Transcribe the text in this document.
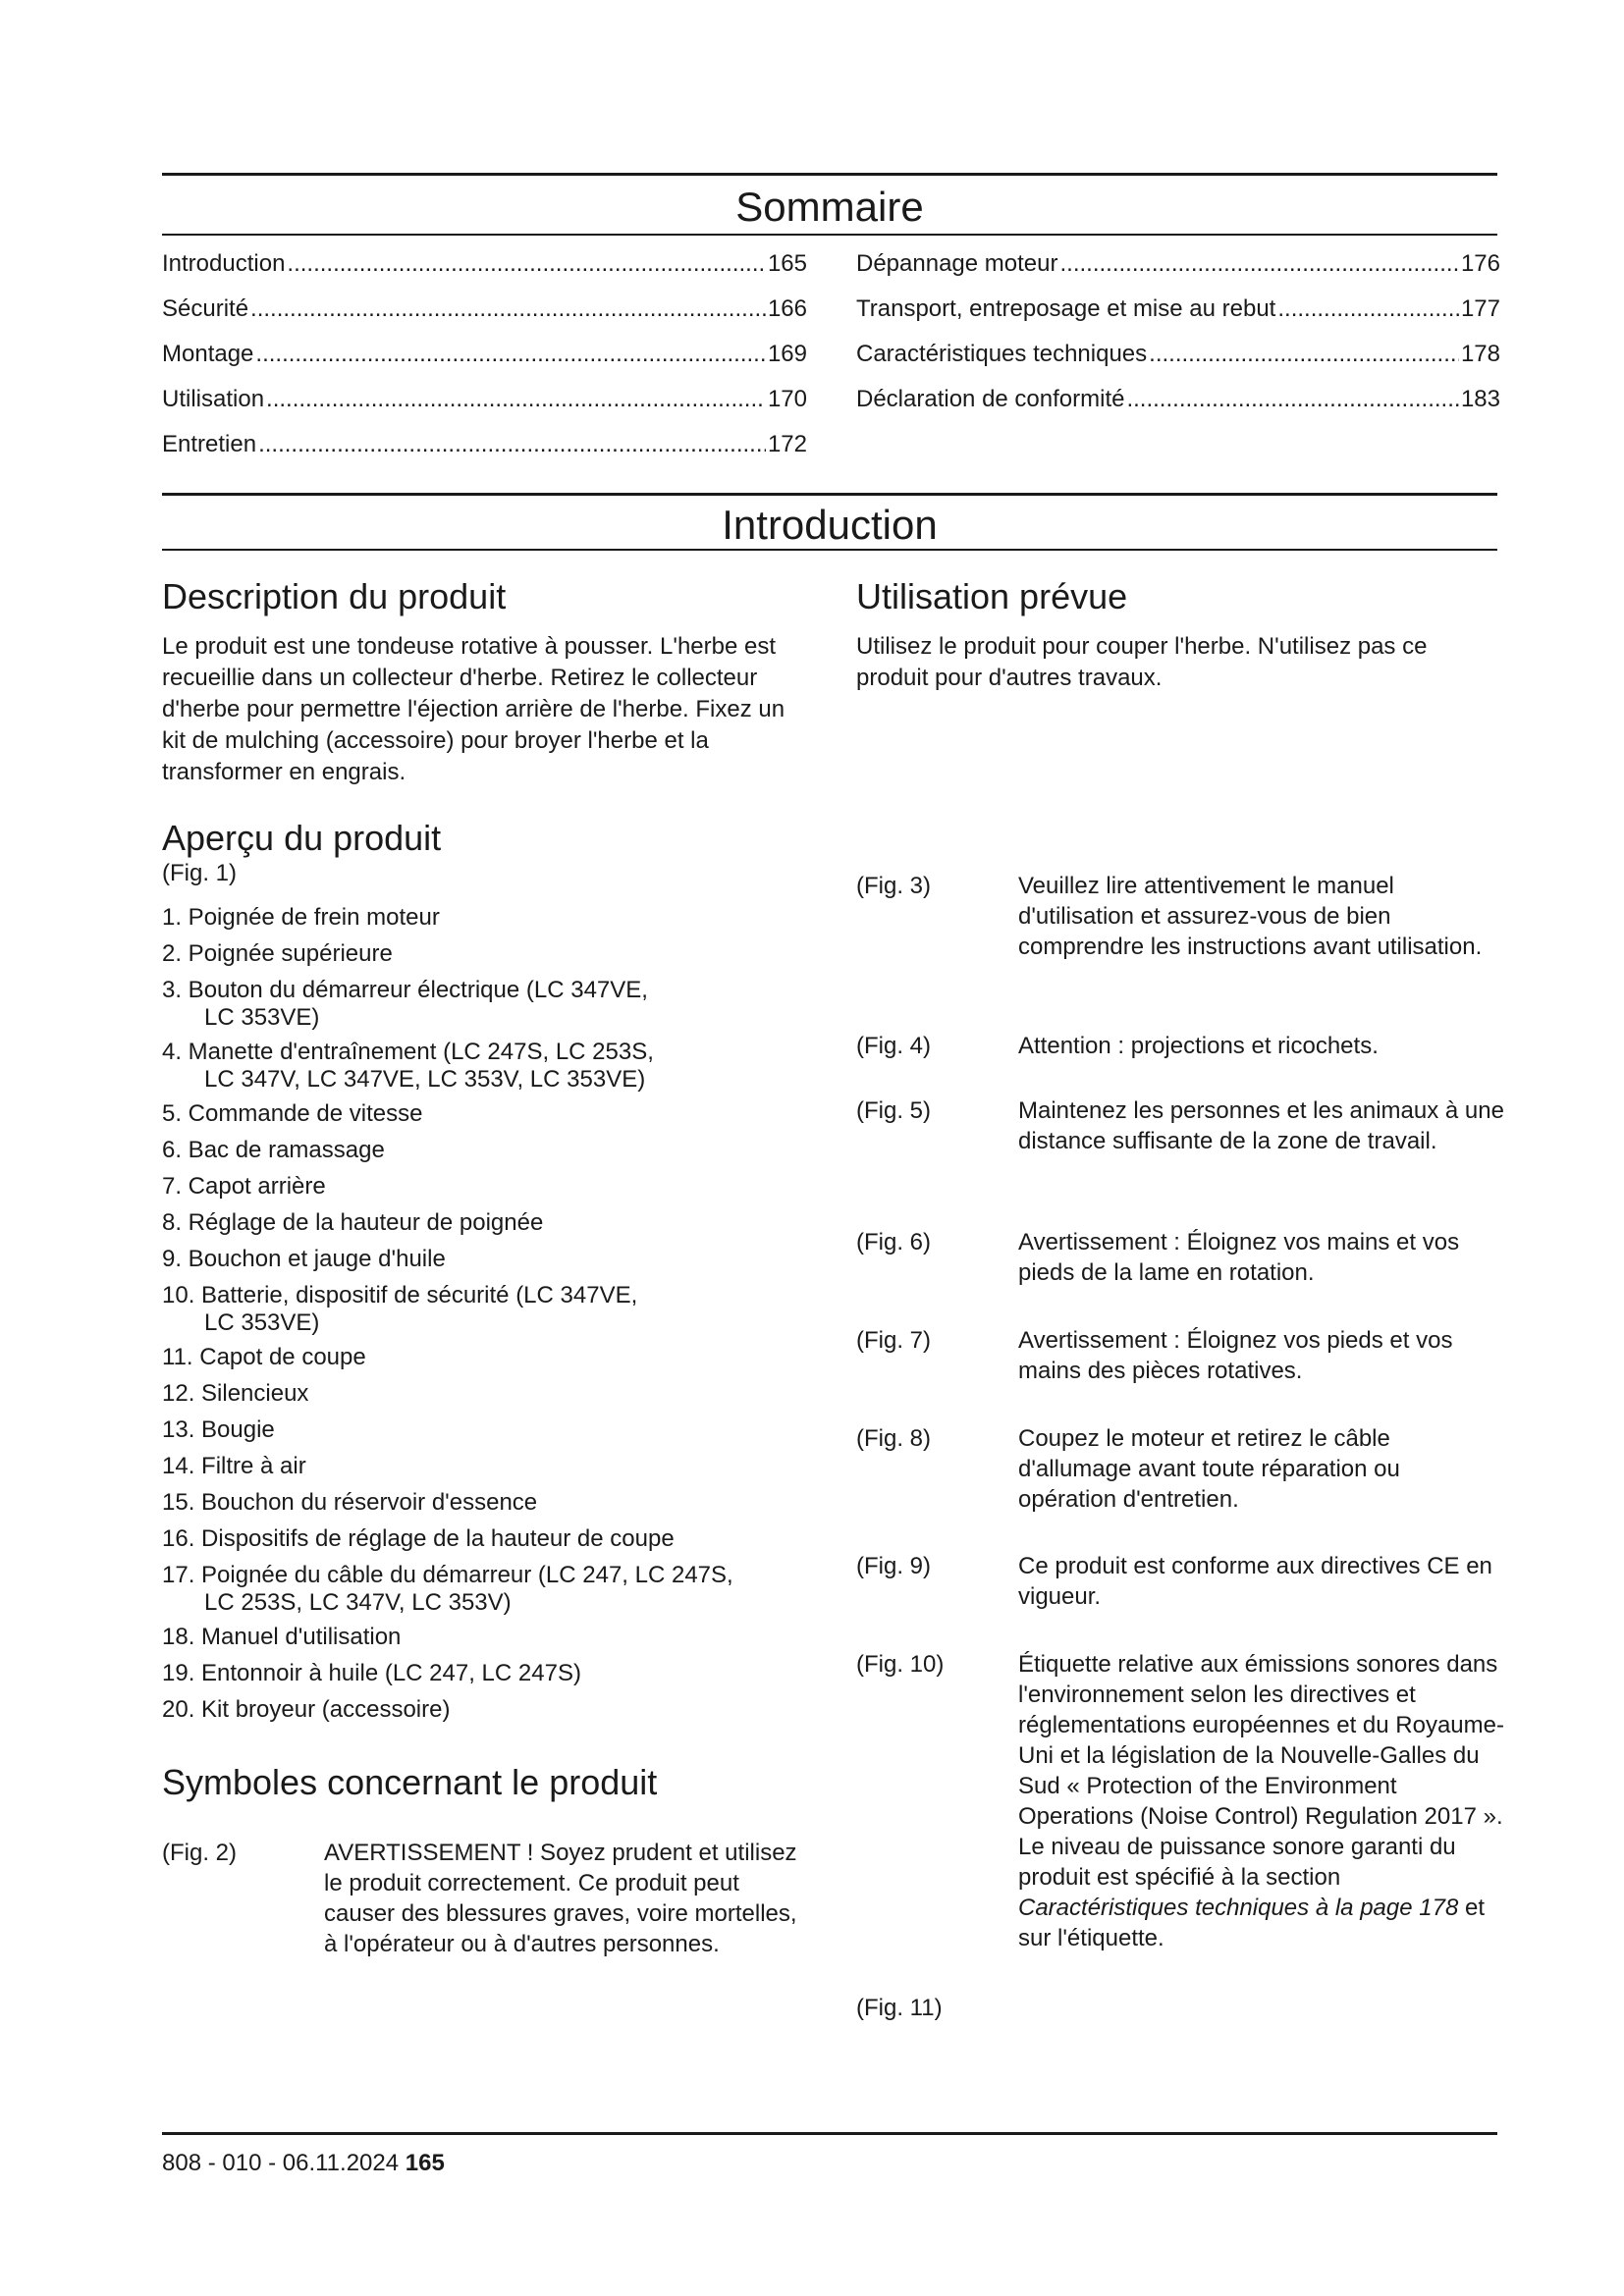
Sommaire
Introduction .....	165
Sécurité .....	166
Montage .....	169
Utilisation .....	170
Entretien .....	172
Dépannage moteur .....	176
Transport, entreposage et mise au rebut .....	177
Caractéristiques techniques .....	178
Déclaration de conformité .....	183
Introduction
Description du produit

Le produit est une tondeuse rotative à pousser. L'herbe est recueillie dans un collecteur d'herbe. Retirez le collecteur d'herbe pour permettre l'éjection arrière de l'herbe. Fixez un kit de mulching (accessoire) pour broyer l'herbe et la transformer en engrais.

Utilisation prévue

Utilisez le produit pour couper l'herbe. N'utilisez pas ce produit pour d'autres travaux.

Aperçu du produit
(Fig. 1)
1. Poignée de frein moteur
2. Poignée supérieure
3. Bouton du démarreur électrique (LC 347VE,
LC 353VE)
4. Manette d'entraînement (LC 247S, LC 253S,
LC 347V, LC 347VE, LC 353V, LC 353VE)
5. Commande de vitesse
6. Bac de ramassage
7. Capot arrière
8. Réglage de la hauteur de poignée
9. Bouchon et jauge d'huile
10. Batterie, dispositif de sécurité (LC 347VE,
LC 353VE)
11. Capot de coupe
12. Silencieux
13. Bougie
14. Filtre à air
15. Bouchon du réservoir d'essence
16. Dispositifs de réglage de la hauteur de coupe
17. Poignée du câble du démarreur (LC 247, LC 247S,
LC 253S, LC 347V, LC 353V)
18. Manuel d'utilisation
19. Entonnoir à huile (LC 247, LC 247S)
20. Kit broyeur (accessoire)
Symboles concernant le produit
(Fig. 2)	AVERTISSEMENT ! Soyez prudent et utilisez le produit correctement. Ce produit peut causer des blessures graves, voire mortelles, à l'opérateur ou à d'autres personnes.
(Fig. 3)	Veuillez lire attentivement le manuel d'utilisation et assurez-vous de bien comprendre les instructions avant utilisation.
(Fig. 4)	Attention : projections et ricochets.
(Fig. 5)	Maintenez les personnes et les animaux à une distance suffisante de la zone de travail.
(Fig. 6)	Avertissement : Éloignez vos mains et vos pieds de la lame en rotation.
(Fig. 7)	Avertissement : Éloignez vos pieds et vos mains des pièces rotatives.
(Fig. 8)	Coupez le moteur et retirez le câble d'allumage avant toute réparation ou opération d'entretien.
(Fig. 9)	Ce produit est conforme aux directives CE en vigueur.
(Fig. 10)	Étiquette relative aux émissions sonores dans l'environnement selon les directives et réglementations européennes et du Royaume-Uni et la législation de la Nouvelle-Galles du Sud « Protection of the Environment Operations (Noise Control) Regulation 2017 ». Le niveau de puissance sonore garanti du produit est spécifié à la section Caractéristiques techniques à la page 178 et sur l'étiquette.
(Fig. 11)
808 - 010 - 06.11.2024 165
